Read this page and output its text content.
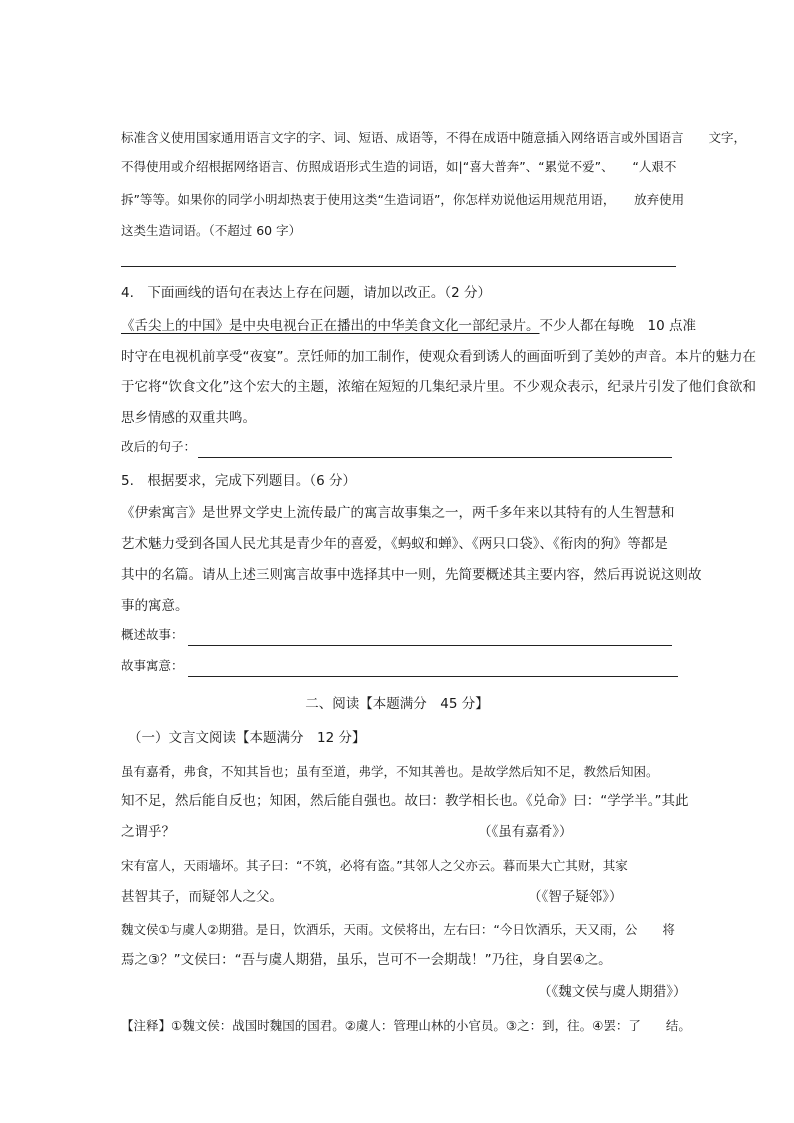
标准含义使用国家通用语言文字的字、词、短语、成语等，不得在成语中随意插入网络语言或外国语言　　文字，
不得使用或介绍根据网络语言、仿照成语形式生造的词语，如|“喜大普奔”、“累觉不爱”、　　“人艰不
拆”等等。如果你的同学小明却热衷于使用这类“生造词语”，你怎样劝说他运用规范用语，　　放弃使用
这类生造词语。（不超过 60 字）
4.　下面画线的语句在表达上存在问题，请加以改正。（2 分）
《舌尖上的中国》是中央电视台正在播出的中华美食文化一部纪录片。不少人都在每晚　10 点准
时守在电视机前享受“夜宴”。烹饪师的加工制作，使观众看到诱人的画面听到了美妙的声音。本片的魅力在
于它将“饮食文化”这个宏大的主题，浓缩在短短的几集纪录片里。不少观众表示，纪录片引发了他们食欲和
思乡情感的双重共鸣。
改后的句子：
5.　根据要求，完成下列题目。（6 分）
《伊索寓言》是世界文学史上流传最广的寓言故事集之一，两千多年来以其特有的人生智慧和
艺术魅力受到各国人民尤其是青少年的喜爱，《蚂蚁和蝉》、《两只口袋》、《衔肉的狗》等都是
其中的名篇。请从上述三则寓言故事中选择其中一则，先简要概述其主要内容，然后再说说这则故
事的寓意。
概述故事：
故事寓意：
二、阅读【本题满分　45 分】
（一）文言文阅读【本题满分　12 分】
虽有嘉肴，弗食，不知其旨也；虽有至道，弗学，不知其善也。是故学然后知不足，教然后知困。
知不足，然后能自反也；知困，然后能自强也。故曰：教学相长也。《兑命》曰：“学学半。”其此
之谓乎？	（《虽有嘉肴》）
宋有富人，天雨墙坏。其子曰：“不筑，必将有盗。”其邻人之父亦云。暮而果大亡其财，其家
甚智其子，而疑邻人之父。	（《智子疑邻》）
魏文侯①与虞人②期猎。是日，饮酒乐，天雨。文侯将出，左右曰：“今日饮酒乐，天又雨，公　　将
焉之③？”文侯曰：“吾与虞人期猎，虽乐，岂可不一会期哉！”乃往，身自罢④之。
（《魏文侯与虞人期猎》）
【注释】①魏文侯：战国时魏国的国君。②虞人：管理山林的小官员。③之：到，往。④罢：了　　结。
